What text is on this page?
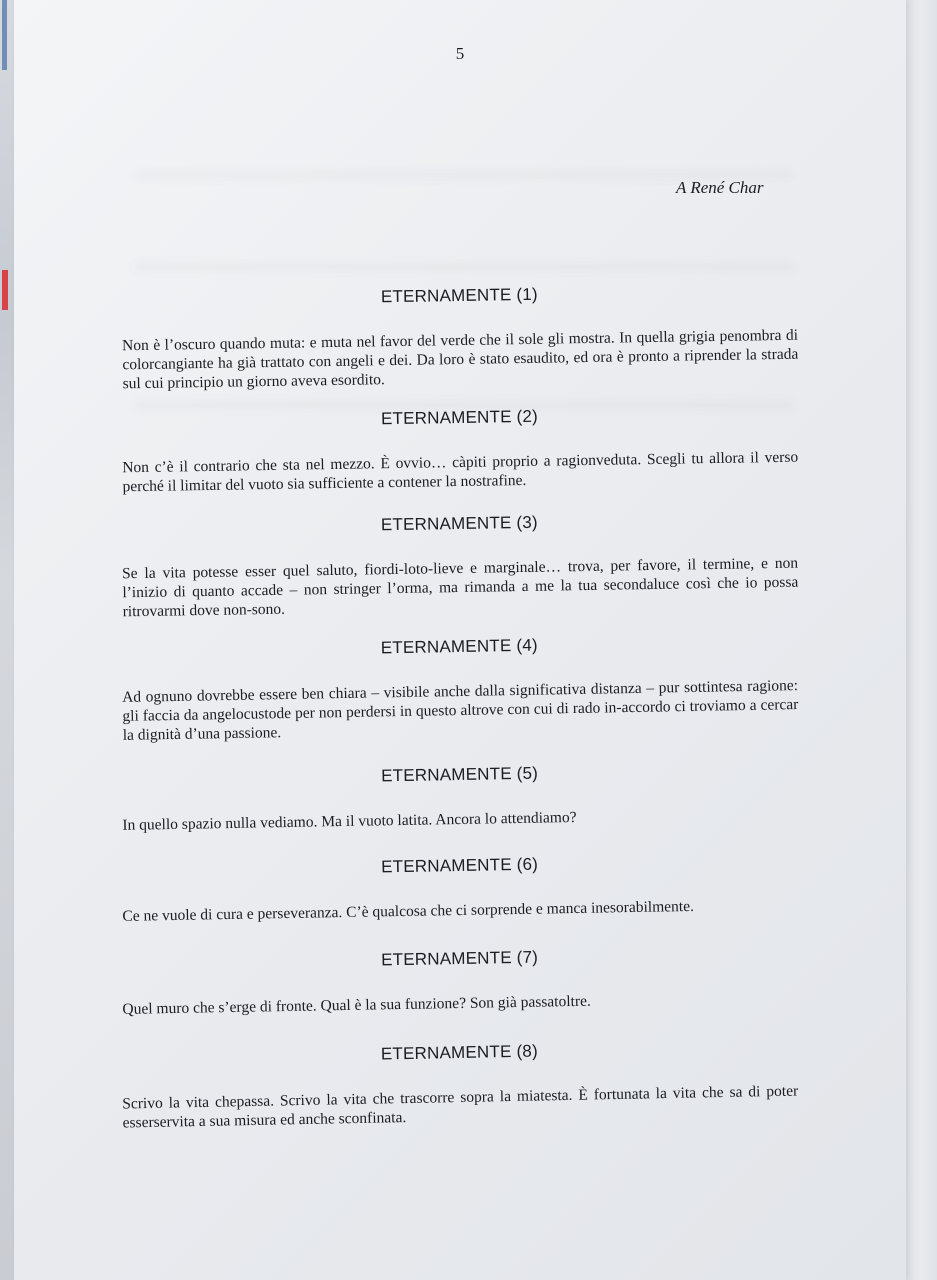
5
A René Char
ETERNAMENTE (1)
Non è l’oscuro quando muta: e muta nel favor del verde che il sole gli mostra. In quella grigia penombra di colorcangiante ha già trattato con angeli e dei. Da loro è stato esaudito, ed ora è pronto a riprender la strada sul cui principio un giorno aveva esordito.
ETERNAMENTE (2)
Non c’è il contrario che sta nel mezzo. È ovvio… càpiti proprio a ragionveduta. Scegli tu allora il verso perché il limitar del vuoto sia sufficiente a contener la nostrafine.
ETERNAMENTE (3)
Se la vita potesse esser quel saluto, fiordi-loto-lieve e marginale… trova, per favore, il termine, e non l’inizio di quanto accade – non stringer l’orma, ma rimanda a me la tua secondaluce così che io possa ritrovarmi dove non-sono.
ETERNAMENTE (4)
Ad ognuno dovrebbe essere ben chiara – visibile anche dalla significativa distanza – pur sottintesa ragione: gli faccia da angelocustode per non perdersi in questo altrove con cui di rado in-accordo ci troviamo a cercar la dignità d’una passione.
ETERNAMENTE (5)
In quello spazio nulla vediamo. Ma il vuoto latita. Ancora lo attendiamo?
ETERNAMENTE (6)
Ce ne vuole di cura e perseveranza. C’è qualcosa che ci sorprende e manca inesorabilmente.
ETERNAMENTE (7)
Quel muro che s’erge di fronte. Qual è la sua funzione? Son già passatoltre.
ETERNAMENTE (8)
Scrivo la vita chepassa. Scrivo la vita che trascorre sopra la miatesta. È fortunata la vita che sa di poter esserservita a sua misura ed anche sconfinata.
